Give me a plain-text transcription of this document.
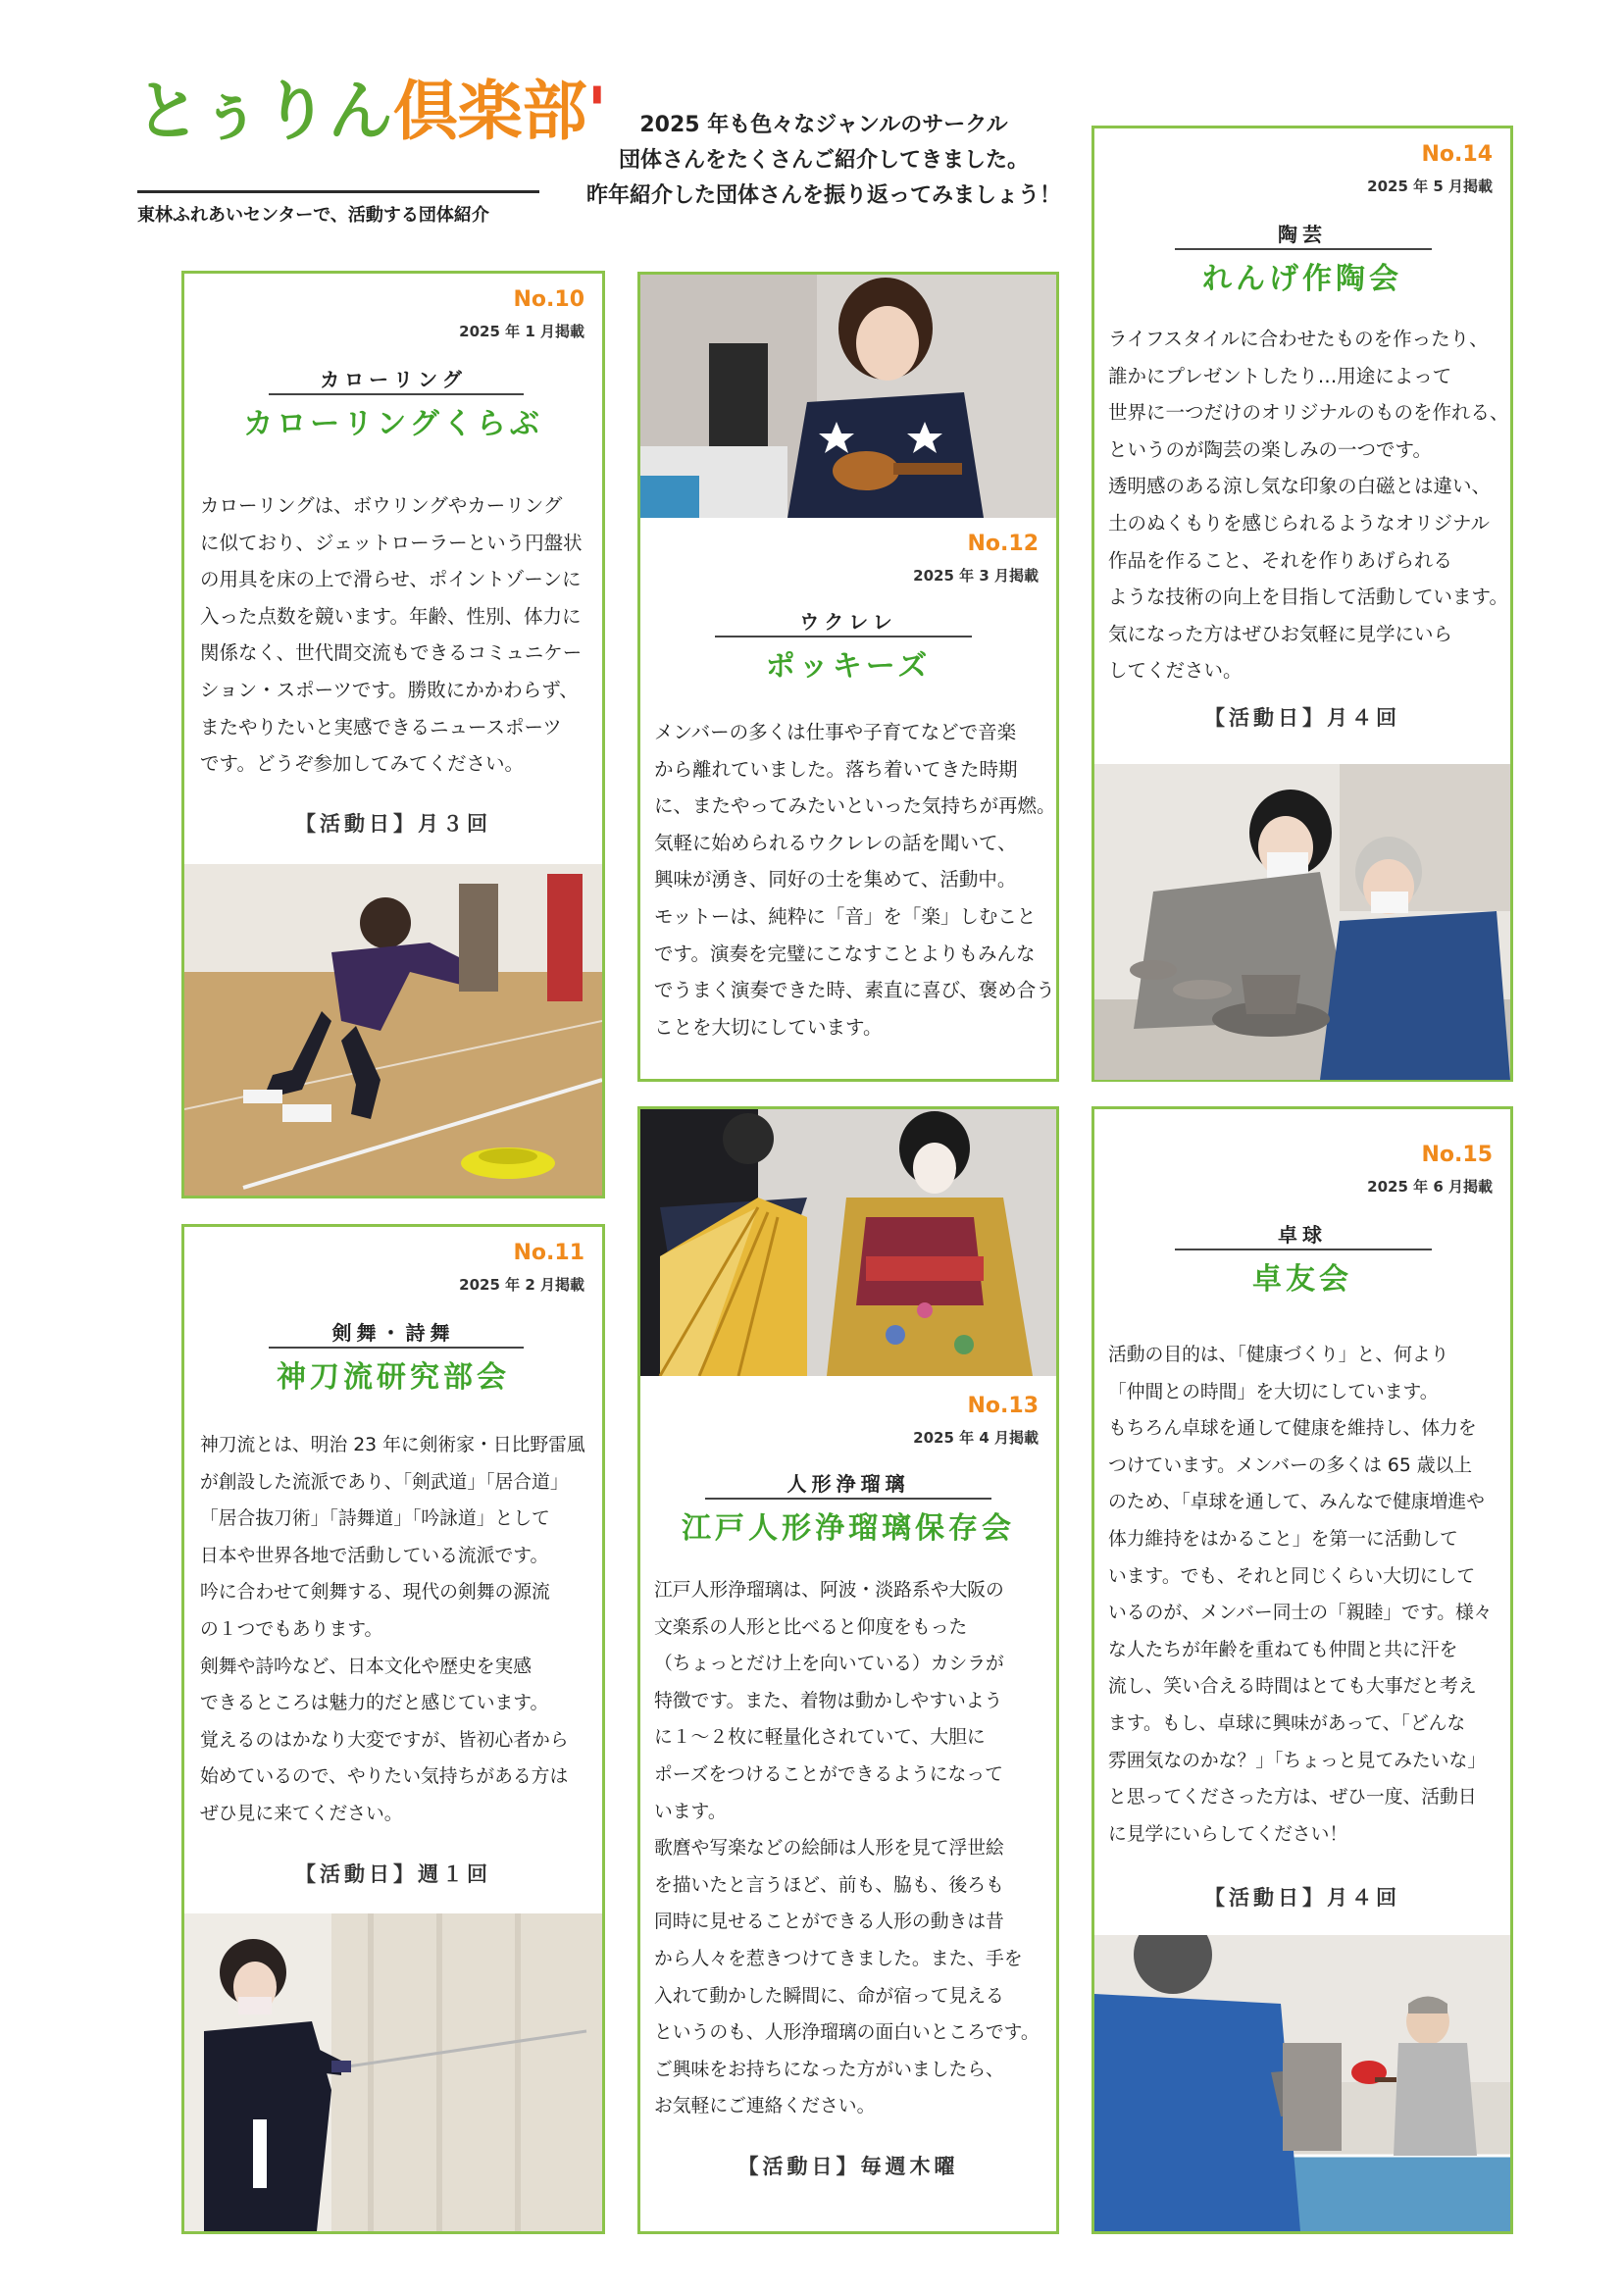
とぅりん倶楽部'
東林ふれあいセンターで、活動する団体紹介
2025 年も色々なジャンルのサークル
団体さんをたくさんご紹介してきました。
昨年紹介した団体さんを振り返ってみましょう！
No.10
2025 年 1 月掲載
カローリング
カローリングくらぶ
カローリングは、ボウリングやカーリング
に似ており、ジェットローラーという円盤状
の用具を床の上で滑らせ、ポイントゾーンに
入った点数を競います。年齢、性別、体力に
関係なく、世代間交流もできるコミュニケー
ション・スポーツです。勝敗にかかわらず、
またやりたいと実感できるニュースポーツ
です。どうぞ参加してみてください。
【活動日】月３回
No.11
2025 年 2 月掲載
剣舞・詩舞
神刀流研究部会
神刀流とは、明治 23 年に剣術家・日比野雷風
が創設した流派であり、「剣武道」「居合道」
「居合抜刀術」「詩舞道」「吟詠道」として
日本や世界各地で活動している流派です。
吟に合わせて剣舞する、現代の剣舞の源流
の１つでもあります。
剣舞や詩吟など、日本文化や歴史を実感
できるところは魅力的だと感じています。
覚えるのはかなり大変ですが、皆初心者から
始めているので、やりたい気持ちがある方は
ぜひ見に来てください。
【活動日】週１回
No.12
2025 年 3 月掲載
ウクレレ
ポッキーズ
メンバーの多くは仕事や子育てなどで音楽
から離れていました。落ち着いてきた時期
に、またやってみたいといった気持ちが再燃。
気軽に始められるウクレレの話を聞いて、
興味が湧き、同好の士を集めて、活動中。
モットーは、純粋に「音」を「楽」しむこと
です。演奏を完璧にこなすことよりもみんな
でうまく演奏できた時、素直に喜び、褒め合う
ことを大切にしています。
No.13
2025 年 4 月掲載
人形浄瑠璃
江戸人形浄瑠璃保存会
江戸人形浄瑠璃は、阿波・淡路系や大阪の
文楽系の人形と比べると仰度をもった
（ちょっとだけ上を向いている）カシラが
特徴です。また、着物は動かしやすいよう
に１～２枚に軽量化されていて、大胆に
ポーズをつけることができるようになって
います。
歌麿や写楽などの絵師は人形を見て浮世絵
を描いたと言うほど、前も、脇も、後ろも
同時に見せることができる人形の動きは昔
から人々を惹きつけてきました。また、手を
入れて動かした瞬間に、命が宿って見える
というのも、人形浄瑠璃の面白いところです。
ご興味をお持ちになった方がいましたら、
お気軽にご連絡ください。
【活動日】毎週木曜
No.14
2025 年 5 月掲載
陶芸
れんげ作陶会
ライフスタイルに合わせたものを作ったり、
誰かにプレゼントしたり…用途によって
世界に一つだけのオリジナルのものを作れる、
というのが陶芸の楽しみの一つです。
透明感のある涼し気な印象の白磁とは違い、
土のぬくもりを感じられるようなオリジナル
作品を作ること、それを作りあげられる
ような技術の向上を目指して活動しています。
気になった方はぜひお気軽に見学にいら
してください。
【活動日】月４回
No.15
2025 年 6 月掲載
卓球
卓友会
活動の目的は、「健康づくり」と、何より
「仲間との時間」を大切にしています。
もちろん卓球を通して健康を維持し、体力を
つけています。メンバーの多くは 65 歳以上
のため、「卓球を通して、みんなで健康増進や
体力維持をはかること」を第一に活動して
います。でも、それと同じくらい大切にして
いるのが、メンバー同士の「親睦」です。様々
な人たちが年齢を重ねても仲間と共に汗を
流し、笑い合える時間はとても大事だと考え
ます。もし、卓球に興味があって、「どんな
雰囲気なのかな？」「ちょっと見てみたいな」
と思ってくださった方は、ぜひ一度、活動日
に見学にいらしてください！
【活動日】月４回
